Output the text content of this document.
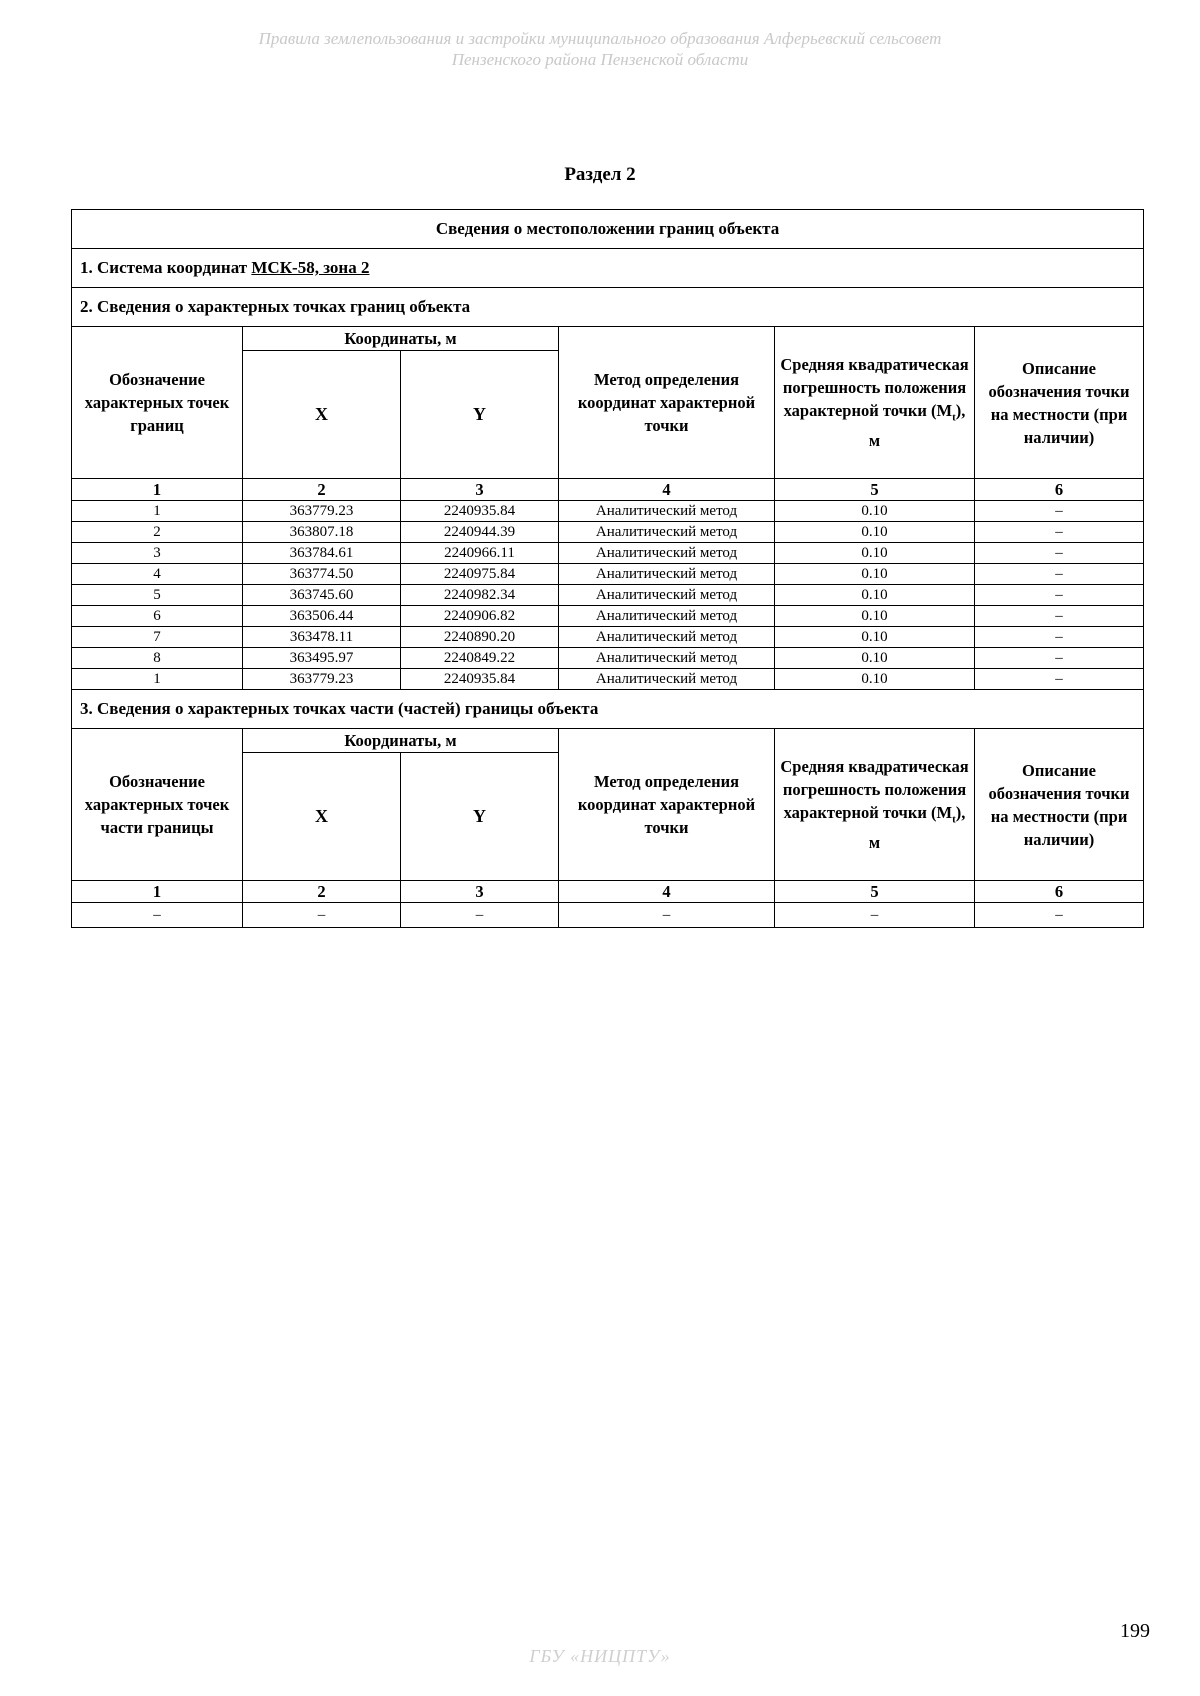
Правила землепользования и застройки муниципального образования Алферьевский сельсовет
Пензенского района Пензенской области
Раздел 2
Сведения о местоположении границ объекта					
1. Система координат МСК-58, зона 2					
2. Сведения о характерных точках границ объекта					
Обозначение характерных точек границ	Координаты, м		Метод определения координат характерной точки	Средняя квадратическая погрешность положения характерной точки $(M_t)$, м	Описание обозначения точки на местности (при наличии)
	X	Y			
1	2	3	4	5	6
1	363779.23	2240935.84	Аналитический метод	0.10	–
2	363807.18	2240944.39	Аналитический метод	0.10	–
3	363784.61	2240966.11	Аналитический метод	0.10	–
4	363774.50	2240975.84	Аналитический метод	0.10	–
5	363745.60	2240982.34	Аналитический метод	0.10	–
6	363506.44	2240906.82	Аналитический метод	0.10	–
7	363478.11	2240890.20	Аналитический метод	0.10	–
8	363495.97	2240849.22	Аналитический метод	0.10	–
1	363779.23	2240935.84	Аналитический метод	0.10	–
3. Сведения о характерных точках части (частей) границы объекта					
Обозначение характерных точек части границы	Координаты, м		Метод определения координат характерной точки	Средняя квадратическая погрешность положения характерной точки $(M_t)$, м	Описание обозначения точки на местности (при наличии)
	X	Y			
1	2	3	4	5	6
–	–	–	–	–	–
199
ГБУ «НИЦПТУ»
